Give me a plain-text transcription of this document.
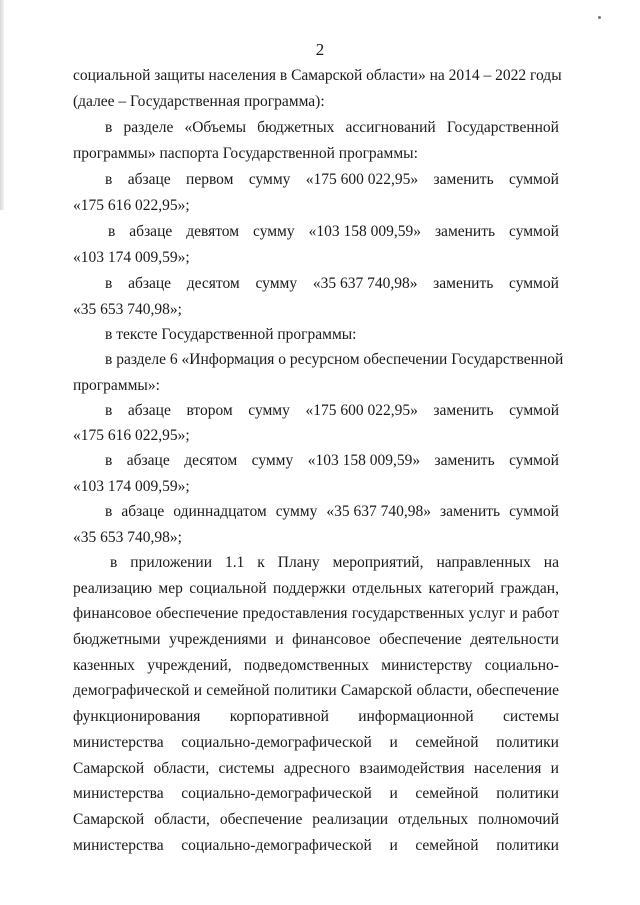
2
социальной защиты населения в Самарской области» на 2014 – 2022 годы
(далее – Государственная программа):
в разделе «Объемы бюджетных ассигнований Государственной
программы» паспорта Государственной программы:
в абзаце первом сумму «175 600 022,95» заменить суммой
«175 616 022,95»;
в абзаце девятом сумму «103 158 009,59» заменить суммой
«103 174 009,59»;
в абзаце десятом сумму «35 637 740,98» заменить суммой
«35 653 740,98»;
в тексте Государственной программы:
в разделе 6 «Информация о ресурсном обеспечении Государственной
программы»:
в абзаце втором сумму «175 600 022,95» заменить суммой
«175 616 022,95»;
в абзаце десятом сумму «103 158 009,59» заменить суммой
«103 174 009,59»;
в абзаце одиннадцатом сумму «35 637 740,98» заменить суммой
«35 653 740,98»;
в приложении 1.1 к Плану мероприятий, направленных на
реализацию мер социальной поддержки отдельных категорий граждан,
финансовое обеспечение предоставления государственных услуг и работ
бюджетными учреждениями и финансовое обеспечение деятельности
казенных учреждений, подведомственных министерству социально-
демографической и семейной политики Самарской области, обеспечение
функционирования корпоративной информационной системы
министерства социально-демографической и семейной политики
Самарской области, системы адресного взаимодействия населения и
министерства социально-демографической и семейной политики
Самарской области, обеспечение реализации отдельных полномочий
министерства социально-демографической и семейной политики
